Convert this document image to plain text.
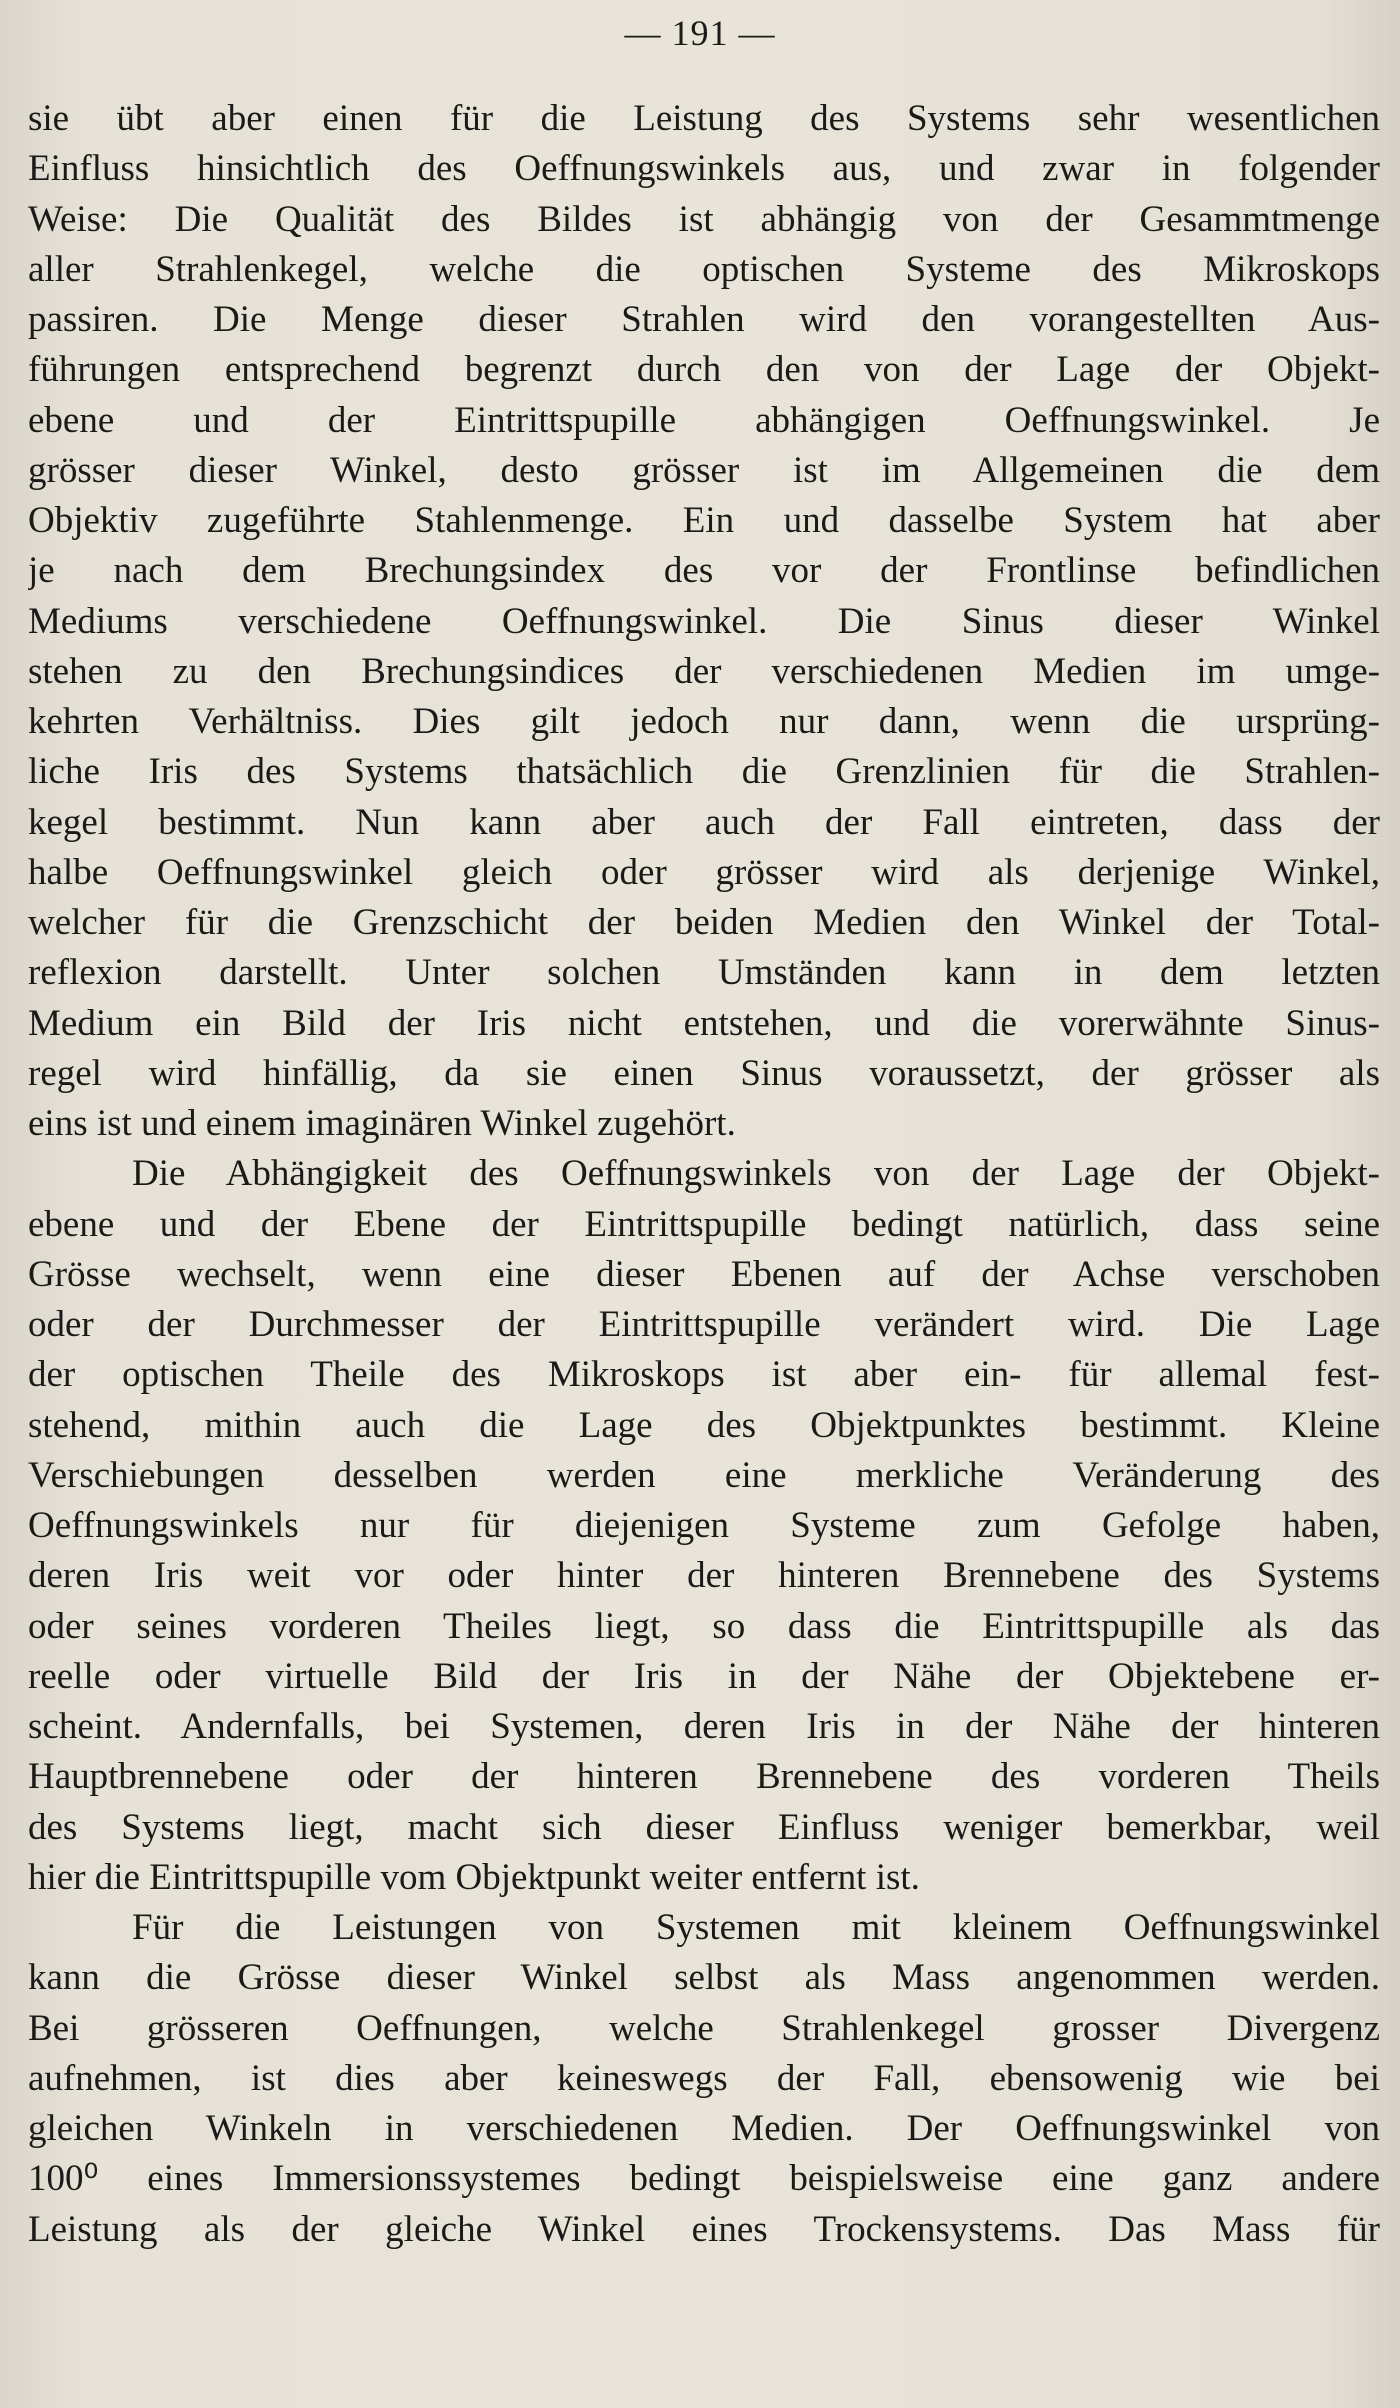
— 191 —
sie übt aber einen für die Leistung des Systems sehr wesentlichen
Einfluss hinsichtlich des Oeffnungswinkels aus, und zwar in folgender
Weise: Die Qualität des Bildes ist abhängig von der Gesammtmenge
aller Strahlenkegel, welche die optischen Systeme des Mikroskops
passiren. Die Menge dieser Strahlen wird den vorangestellten Aus-
führungen entsprechend begrenzt durch den von der Lage der Objekt-
ebene und der Eintrittspupille abhängigen Oeffnungswinkel. Je
grösser dieser Winkel, desto grösser ist im Allgemeinen die dem
Objektiv zugeführte Stahlenmenge. Ein und dasselbe System hat aber
je nach dem Brechungsindex des vor der Frontlinse befindlichen
Mediums verschiedene Oeffnungswinkel. Die Sinus dieser Winkel
stehen zu den Brechungsindices der verschiedenen Medien im umge-
kehrten Verhältniss. Dies gilt jedoch nur dann, wenn die ursprüng-
liche Iris des Systems thatsächlich die Grenzlinien für die Strahlen-
kegel bestimmt. Nun kann aber auch der Fall eintreten, dass der
halbe Oeffnungswinkel gleich oder grösser wird als derjenige Winkel,
welcher für die Grenzschicht der beiden Medien den Winkel der Total-
reflexion darstellt. Unter solchen Umständen kann in dem letzten
Medium ein Bild der Iris nicht entstehen, und die vorerwähnte Sinus-
regel wird hinfällig, da sie einen Sinus voraussetzt, der grösser als
eins ist und einem imaginären Winkel zugehört.
Die Abhängigkeit des Oeffnungswinkels von der Lage der Objekt-
ebene und der Ebene der Eintrittspupille bedingt natürlich, dass seine
Grösse wechselt, wenn eine dieser Ebenen auf der Achse verschoben
oder der Durchmesser der Eintrittspupille verändert wird. Die Lage
der optischen Theile des Mikroskops ist aber ein- für allemal fest-
stehend, mithin auch die Lage des Objektpunktes bestimmt. Kleine
Verschiebungen desselben werden eine merkliche Veränderung des
Oeffnungswinkels nur für diejenigen Systeme zum Gefolge haben,
deren Iris weit vor oder hinter der hinteren Brennebene des Systems
oder seines vorderen Theiles liegt, so dass die Eintrittspupille als das
reelle oder virtuelle Bild der Iris in der Nähe der Objektebene er-
scheint. Andernfalls, bei Systemen, deren Iris in der Nähe der hinteren
Hauptbrennebene oder der hinteren Brennebene des vorderen Theils
des Systems liegt, macht sich dieser Einfluss weniger bemerkbar, weil
hier die Eintrittspupille vom Objektpunkt weiter entfernt ist.
Für die Leistungen von Systemen mit kleinem Oeffnungswinkel
kann die Grösse dieser Winkel selbst als Mass angenommen werden.
Bei grösseren Oeffnungen, welche Strahlenkegel grosser Divergenz
aufnehmen, ist dies aber keineswegs der Fall, ebensowenig wie bei
gleichen Winkeln in verschiedenen Medien. Der Oeffnungswinkel von
100⁰ eines Immersionssystemes bedingt beispielsweise eine ganz andere
Leistung als der gleiche Winkel eines Trockensystems. Das Mass für
